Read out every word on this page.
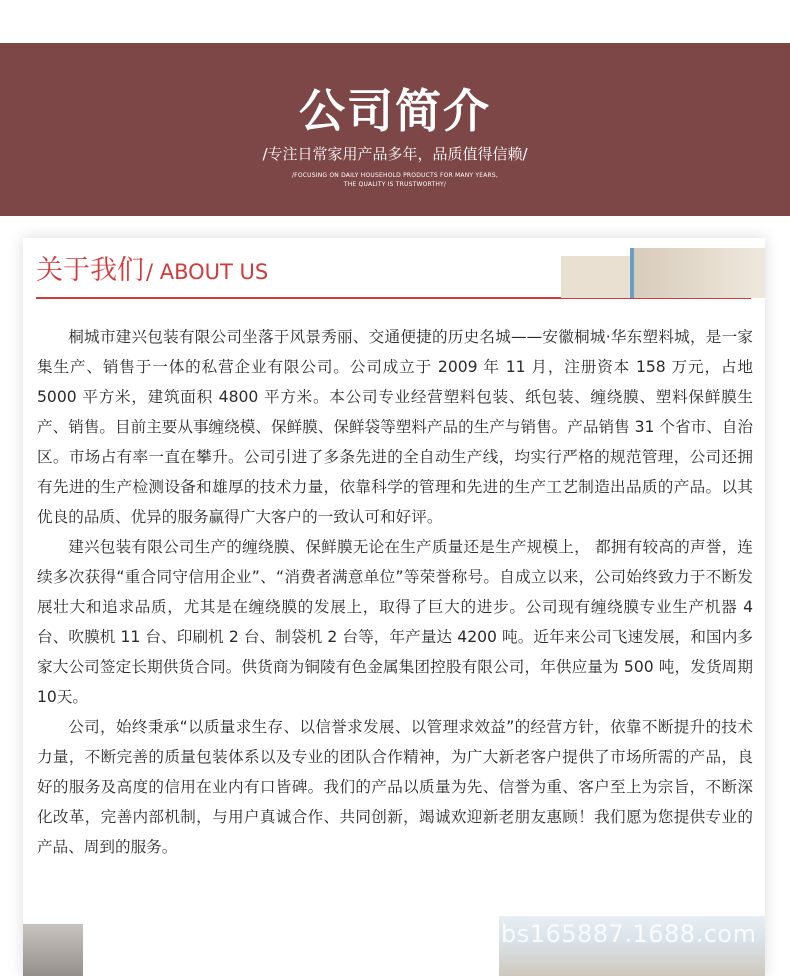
公司简介
/专注日常家用产品多年，品质值得信赖/
/FOCUSING ON DAILY HOUSEHOLD PRODUCTS FOR MANY YEARS,
THE QUALITY IS TRUSTWORTHY/
关于我们/ ABOUT US

桐城市建兴包装有限公司坐落于风景秀丽、交通便捷的历史名城——安徽桐城·华东塑料城，是一家集生产、销售于一体的私营企业有限公司。公司成立于 2009 年 11 月，注册资本 158 万元，占地 5000 平方米，建筑面积 4800 平方米。本公司专业经营塑料包装、纸包装、缠绕膜、塑料保鲜膜生产、销售。目前主要从事缠绕模、保鲜膜、保鲜袋等塑料产品的生产与销售。产品销售 31 个省市、自治区。市场占有率一直在攀升。公司引进了多条先进的全自动生产线，均实行严格的规范管理，公司还拥有先进的生产检测设备和雄厚的技术力量，依靠科学的管理和先进的生产工艺制造出品质的产品。以其优良的品质、优异的服务赢得广大客户的一致认可和好评。

建兴包装有限公司生产的缠绕膜、保鲜膜无论在生产质量还是生产规模上， 都拥有较高的声誉，连续多次获得“重合同守信用企业”、“消费者满意单位”等荣誉称号。自成立以来，公司始终致力于不断发展壮大和追求品质，尤其是在缠绕膜的发展上，取得了巨大的进步。公司现有缠绕膜专业生产机器 4 台、吹膜机 11 台、印刷机 2 台、制袋机 2 台等，年产量达 4200 吨。近年来公司飞速发展，和国内多家大公司签定长期供货合同。供货商为铜陵有色金属集团控股有限公司，年供应量为 500 吨，发货周期 10天。

公司，始终秉承“以质量求生存、以信誉求发展、以管理求效益”的经营方针，依靠不断提升的技术力量，不断完善的质量包装体系以及专业的团队合作精神，为广大新老客户提供了市场所需的产品，良好的服务及高度的信用在业内有口皆碑。我们的产品以质量为先、信誉为重、客户至上为宗旨，不断深化改革，完善内部机制，与用户真诚合作、共同创新，竭诚欢迎新老朋友惠顾！我们愿为您提供专业的产品、周到的服务。

bs165887.1688.com
